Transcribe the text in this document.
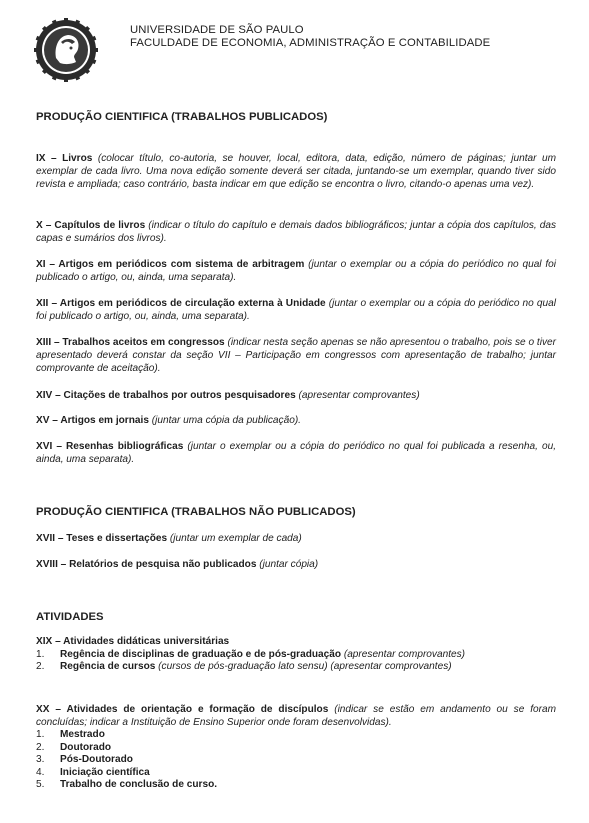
UNIVERSIDADE DE SÃO PAULO
FACULDADE DE ECONOMIA, ADMINISTRAÇÃO E CONTABILIDADE
PRODUÇÃO CIENTIFICA (TRABALHOS PUBLICADOS)
IX – Livros (colocar título, co-autoria, se houver, local, editora, data, edição, número de páginas; juntar um exemplar de cada livro. Uma nova edição somente deverá ser citada, juntando-se um exemplar, quando tiver sido revista e ampliada; caso contrário, basta indicar em que edição se encontra o livro, citando-o apenas uma vez).
X – Capítulos de livros (indicar o título do capítulo e demais dados bibliográficos; juntar a cópia dos capítulos, das capas e sumários dos livros).
XI – Artigos em periódicos com sistema de arbitragem (juntar o exemplar ou a cópia do periódico no qual foi publicado o artigo, ou, ainda, uma separata).
XII – Artigos em periódicos de circulação externa à Unidade (juntar o exemplar ou a cópia do periódico no qual foi publicado o artigo, ou, ainda, uma separata).
XIII – Trabalhos aceitos em congressos (indicar nesta seção apenas se não apresentou o trabalho, pois se o tiver apresentado deverá constar da seção VII – Participação em congressos com apresentação de trabalho; juntar comprovante de aceitação).
XIV – Citações de trabalhos por outros pesquisadores (apresentar comprovantes)
XV – Artigos em jornais (juntar uma cópia da publicação).
XVI – Resenhas bibliográficas (juntar o exemplar ou a cópia do periódico no qual foi publicada a resenha, ou, ainda, uma separata).
PRODUÇÃO CIENTIFICA (TRABALHOS NÃO PUBLICADOS)
XVII – Teses e dissertações (juntar um exemplar de cada)
XVIII – Relatórios de pesquisa não publicados (juntar cópia)
ATIVIDADES
XIX – Atividades didáticas universitárias
1.	Regência de disciplinas de graduação e de pós-graduação (apresentar comprovantes)
2.	Regência de cursos (cursos de pós-graduação lato sensu) (apresentar comprovantes)
XX – Atividades de orientação e formação de discípulos (indicar se estão em andamento ou se foram concluídas; indicar a Instituição de Ensino Superior onde foram desenvolvidas).
1.	Mestrado
2.	Doutorado
3.	Pós-Doutorado
4.	Iniciação científica
5.	Trabalho de conclusão de curso.
